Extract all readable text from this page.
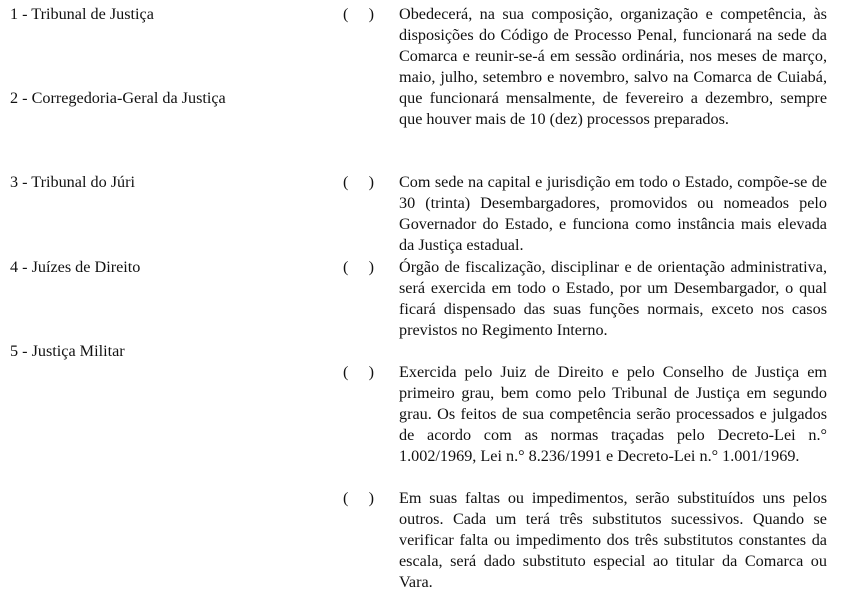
1 - Tribunal de Justiça
2 - Corregedoria-Geral da Justiça
3 - Tribunal do Júri
4 - Juízes de Direito
5 - Justiça Militar
(     )
(     )
(     )
(     )
(     )
Obedecerá, na sua composição, organização e competência, às disposições do Código de Processo Penal, funcionará na sede da Comarca e reunir-se-á em sessão ordinária, nos meses de março, maio, julho, setembro e novembro, salvo na Comarca de Cuiabá, que funcionará mensalmente, de fevereiro a dezembro, sempre que houver mais de 10 (dez) processos preparados.
Com sede na capital e jurisdição em todo o Estado, compõe-se de 30 (trinta) Desembargadores, promovidos ou nomeados pelo Governador do Estado, e funciona como instância mais elevada da Justiça estadual.
Órgão de fiscalização, disciplinar e de orientação administrativa, será exercida em todo o Estado, por um Desembargador, o qual ficará dispensado das suas funções normais, exceto nos casos previstos no Regimento Interno.
Exercida pelo Juiz de Direito e pelo Conselho de Justiça em primeiro grau, bem como pelo Tribunal de Justiça em segundo grau. Os feitos de sua competência serão processados e julgados de acordo com as normas traçadas pelo Decreto-Lei n.° 1.002/1969, Lei n.° 8.236/1991 e Decreto-Lei n.° 1.001/1969.
Em suas faltas ou impedimentos, serão substituídos uns pelos outros. Cada um terá três substitutos sucessivos. Quando se verificar falta ou impedimento dos três substitutos constantes da escala, será dado substituto especial ao titular da Comarca ou Vara.
